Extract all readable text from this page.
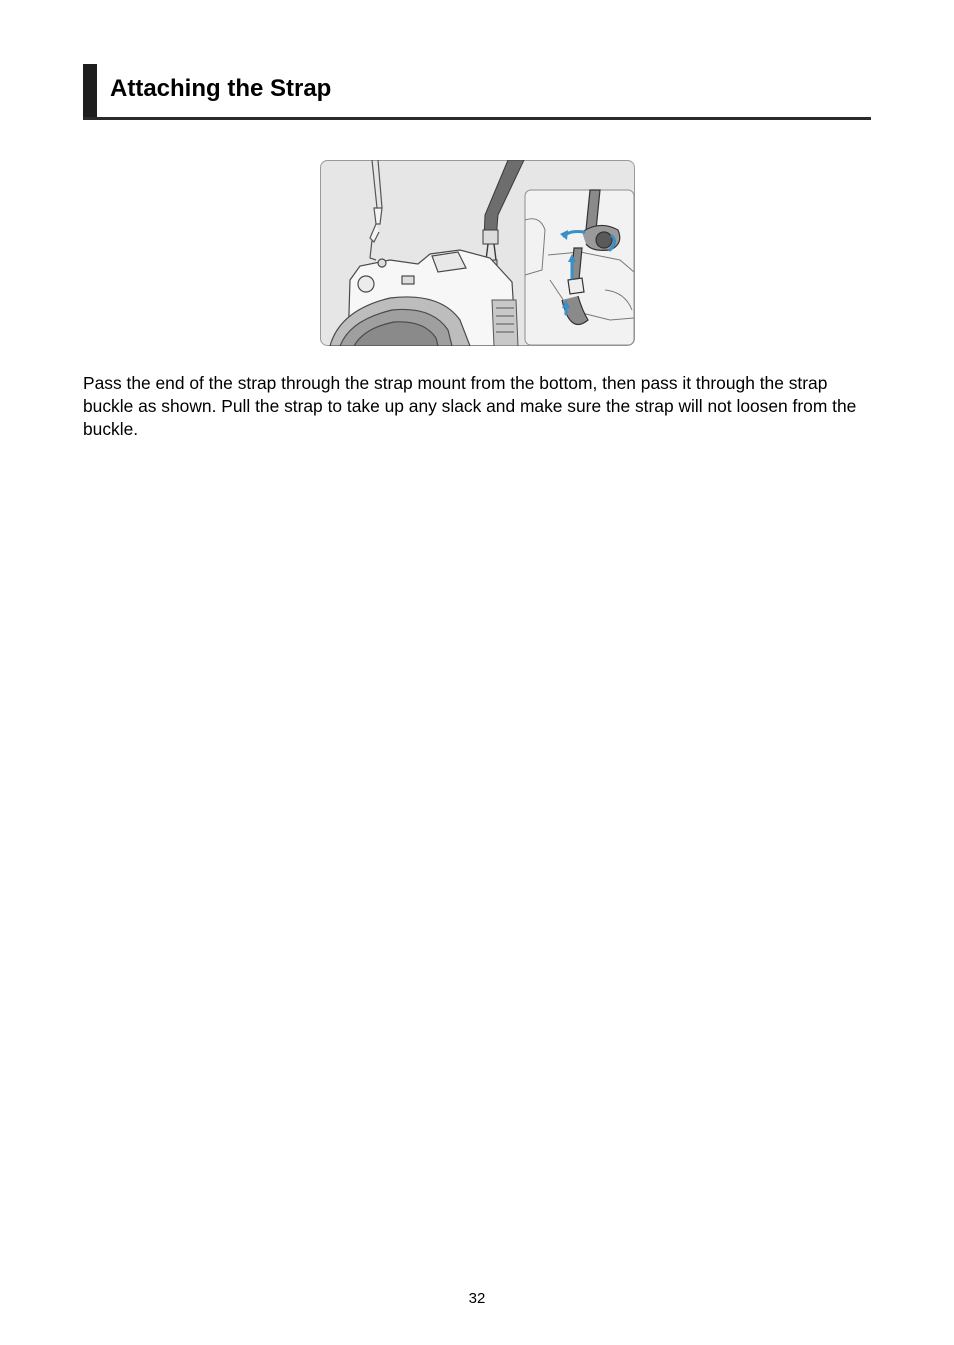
Attaching the Strap

Pass the end of the strap through the strap mount from the bottom, then pass it through the strap buckle as shown. Pull the strap to take up any slack and make sure the strap will not loosen from the buckle.

32
